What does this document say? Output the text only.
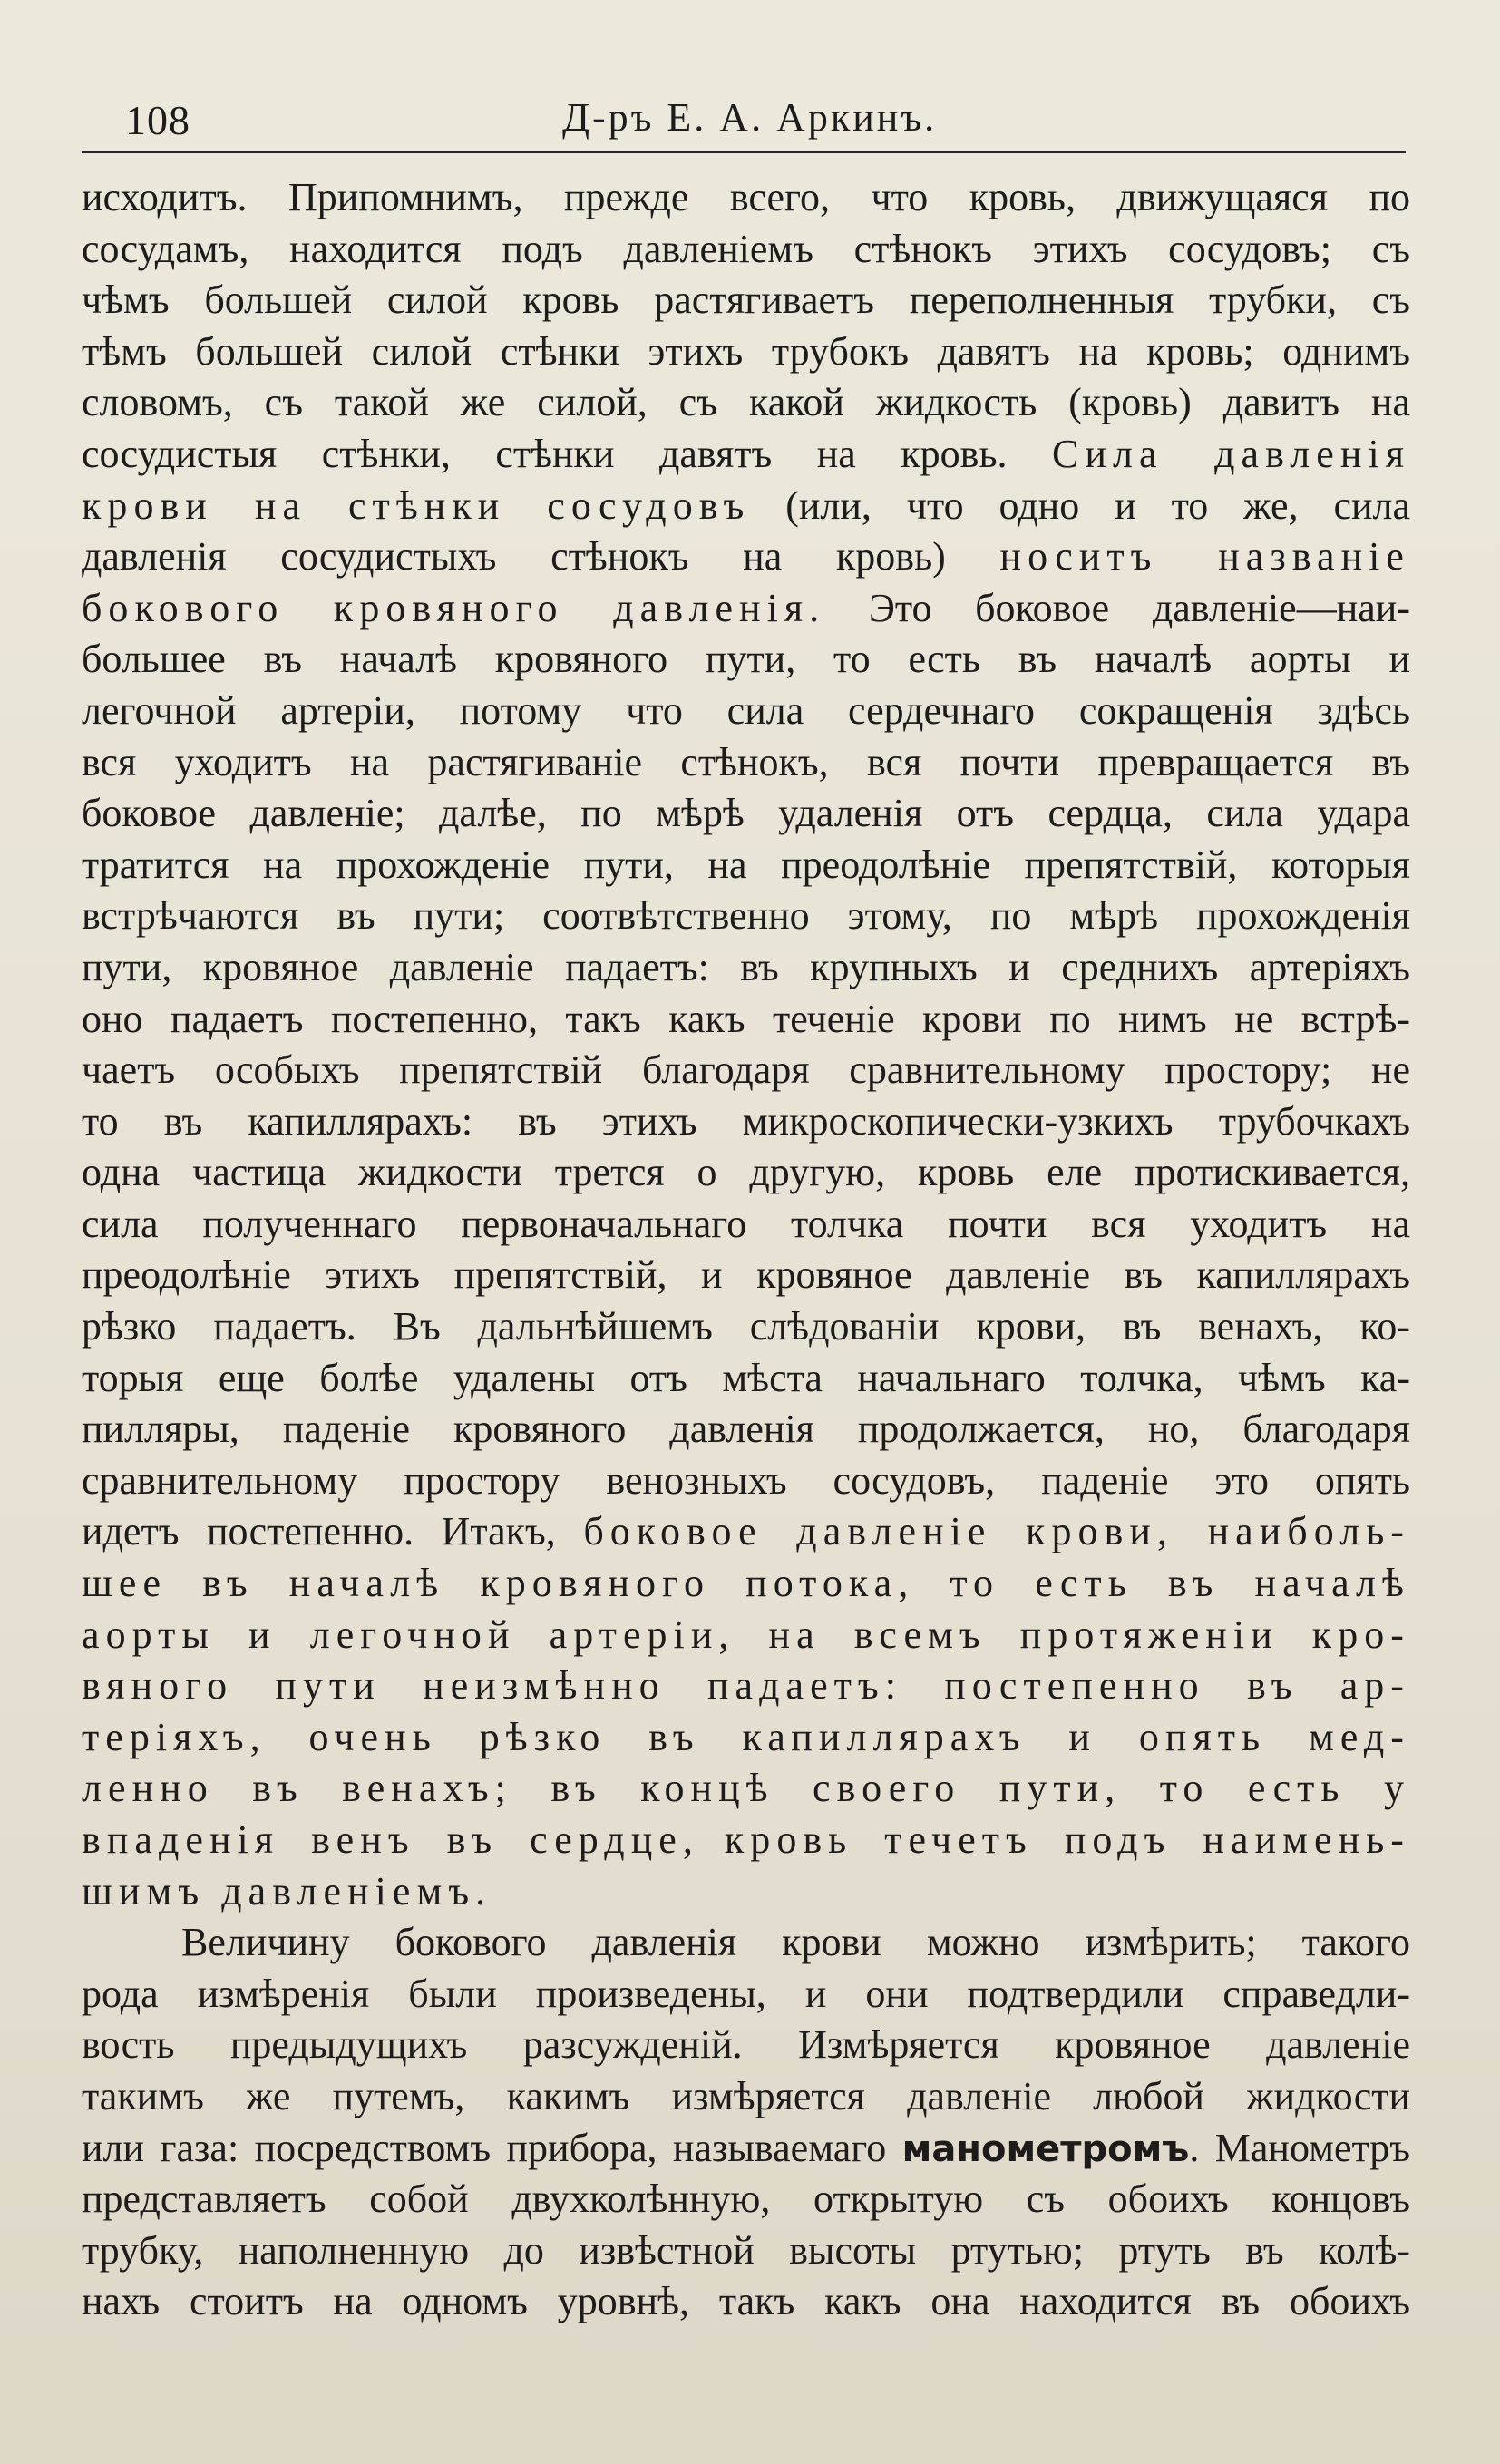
108	Д-ръ Е. А. Аркинъ.
исходитъ. Припомнимъ, прежде всего, что кровь, движущаяся по
сосудамъ, находится подъ давленіемъ стѣнокъ этихъ сосудовъ; съ
чѣмъ большей силой кровь растягиваетъ переполненныя трубки, съ
тѣмъ большей силой стѣнки этихъ трубокъ давятъ на кровь; однимъ
словомъ, съ такой же силой, съ какой жидкость (кровь) давитъ на
сосудистыя стѣнки, стѣнки давятъ на кровь. Сила давленія
крови на стѣнки сосудовъ (или, что одно и то же, сила
давленія сосудистыхъ стѣнокъ на кровь) носитъ названіе
бокового кровяного давленія. Это боковое давленіе—наи-
большее въ началѣ кровяного пути, то есть въ началѣ аорты и
легочной артеріи, потому что сила сердечнаго сокращенія здѣсь
вся уходитъ на растягиваніе стѣнокъ, вся почти превращается въ
боковое давленіе; далѣе, по мѣрѣ удаленія отъ сердца, сила удара
тратится на прохожденіе пути, на преодолѣніе препятствій, которыя
встрѣчаются въ пути; соотвѣтственно этому, по мѣрѣ прохожденія
пути, кровяное давленіе падаетъ: въ крупныхъ и среднихъ артеріяхъ
оно падаетъ постепенно, такъ какъ теченіе крови по нимъ не встрѣ-
чаетъ особыхъ препятствій благодаря сравнительному простору; не
то въ капиллярахъ: въ этихъ микроскопически-узкихъ трубочкахъ
одна частица жидкости трется о другую, кровь еле протискивается,
сила полученнаго первоначальнаго толчка почти вся уходитъ на
преодолѣніе этихъ препятствій, и кровяное давленіе въ капиллярахъ
рѣзко падаетъ. Въ дальнѣйшемъ слѣдованіи крови, въ венахъ, ко-
торыя еще болѣе удалены отъ мѣста начальнаго толчка, чѣмъ ка-
пилляры, паденіе кровяного давленія продолжается, но, благодаря
сравнительному простору венозныхъ сосудовъ, паденіе это опять
идетъ постепенно. Итакъ, боковое давленіе крови, наиболь-
шее въ началѣ кровяного потока, то есть въ началѣ
аорты и легочной артеріи, на всемъ протяженіи кро-
вяного пути неизмѣнно падаетъ: постепенно въ ар-
теріяхъ, очень рѣзко въ капиллярахъ и опять мед-
ленно въ венахъ; въ концѣ своего пути, то есть у
впаденія венъ въ сердце, кровь течетъ подъ наимень-
шимъ давленіемъ.
Величину бокового давленія крови можно измѣрить; такого
рода измѣренія были произведены, и они подтвердили справедли-
вость предыдущихъ разсужденій. Измѣряется кровяное давленіе
такимъ же путемъ, какимъ измѣряется давленіе любой жидкости
или газа: посредствомъ прибора, называемаго манометромъ. Манометръ
представляетъ собой двухколѣнную, открытую съ обоихъ концовъ
трубку, наполненную до извѣстной высоты ртутью; ртуть въ колѣ-
нахъ стоитъ на одномъ уровнѣ, такъ какъ она находится въ обоихъ
